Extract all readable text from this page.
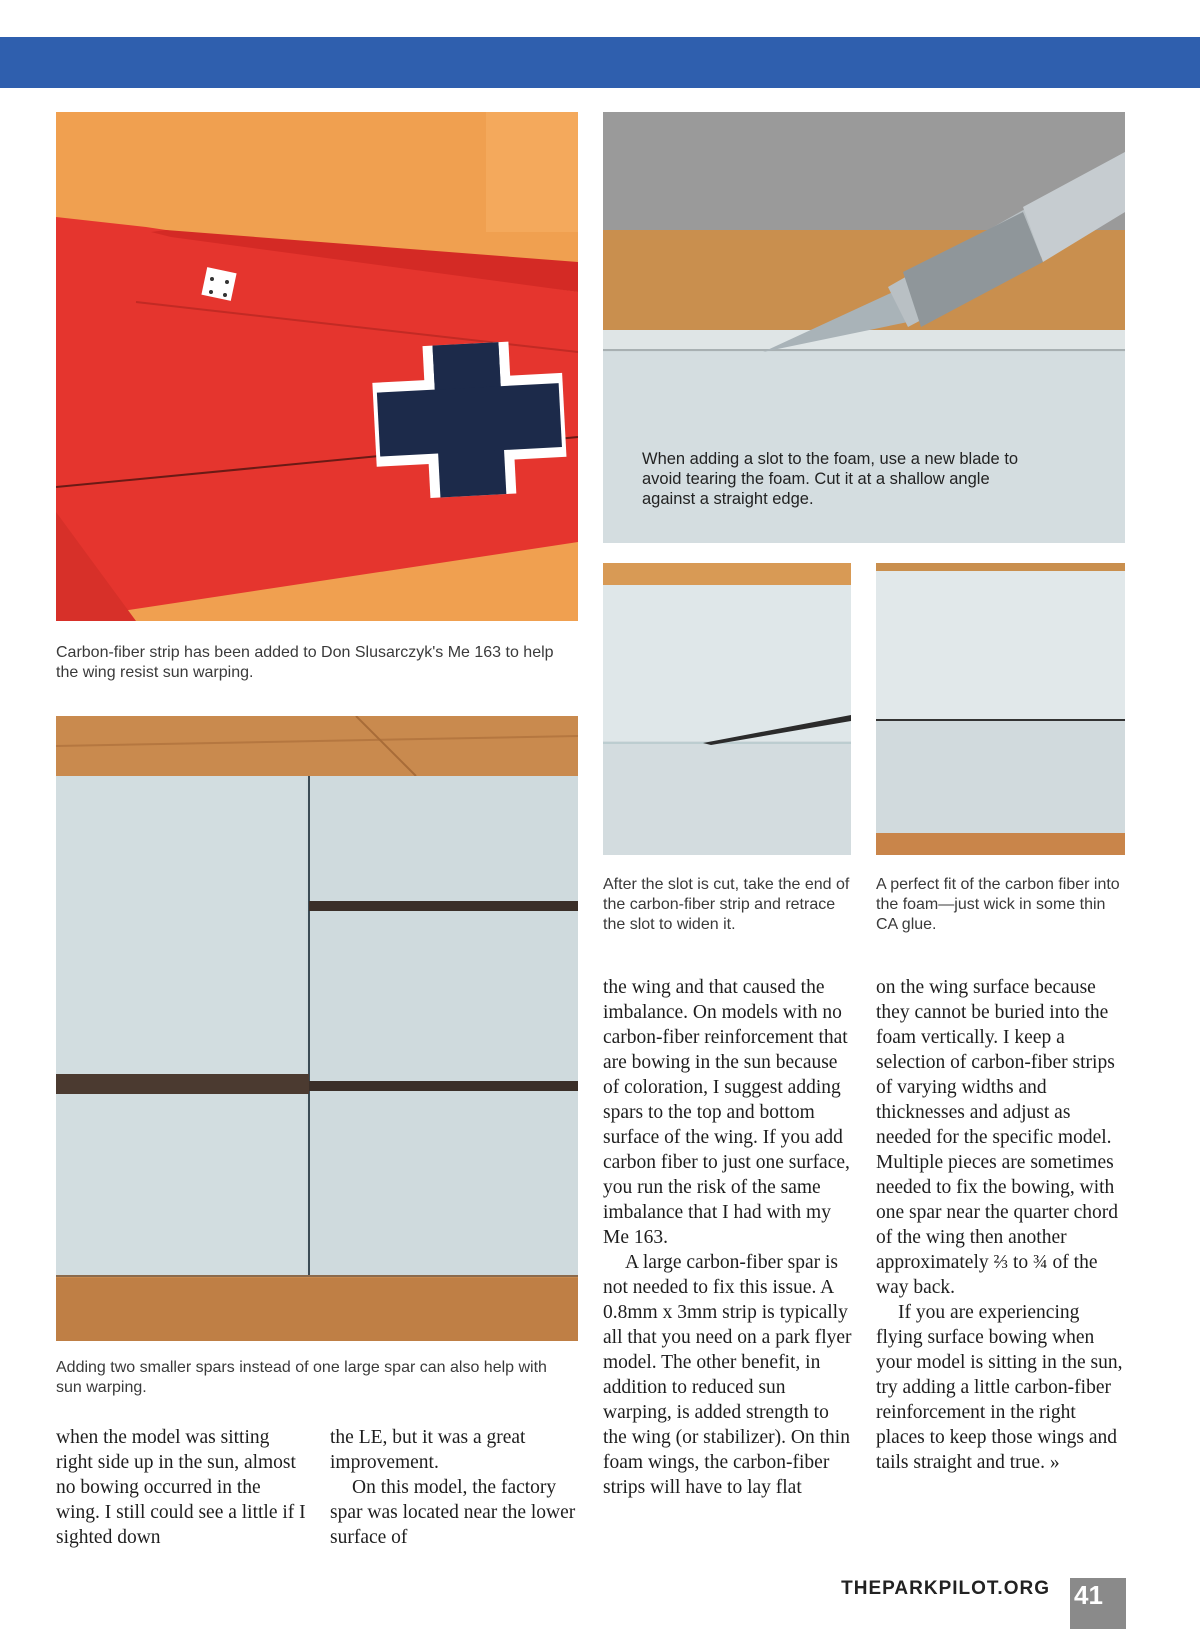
When adding a slot to the foam, use a new blade to avoid tearing the foam. Cut it at a shallow angle against a straight edge.

Carbon-fiber strip has been added to Don Slusarczyk's Me 163 to help the wing resist sun warping.

After the slot is cut, take the end of the carbon-fiber strip and retrace the slot to widen it.

A perfect fit of the carbon fiber into the foam—just wick in some thin CA glue.

Adding two smaller spars instead of one large spar can also help with sun warping.

when the model was sitting right side up in the sun, almost no bowing occurred in the wing. I still could see a little if I sighted down

the LE, but it was a great improvement.

On this model, the factory spar was located near the lower surface of

the wing and that caused the imbalance. On models with no carbon-fiber reinforcement that are bowing in the sun because of coloration, I suggest adding spars to the top and bottom surface of the wing. If you add carbon fiber to just one surface, you run the risk of the same imbalance that I had with my Me 163.

A large carbon-fiber spar is not needed to fix this issue. A 0.8mm x 3mm strip is typically all that you need on a park flyer model. The other benefit, in addition to reduced sun warping, is added strength to the wing (or stabilizer). On thin foam wings, the carbon-fiber strips will have to lay flat

on the wing surface because they cannot be buried into the foam vertically. I keep a selection of carbon-fiber strips of varying widths and thicknesses and adjust as needed for the specific model. Multiple pieces are sometimes needed to fix the bowing, with one spar near the quarter chord of the wing then another approximately ⅔ to ¾ of the way back.

If you are experiencing flying surface bowing when your model is sitting in the sun, try adding a little carbon-fiber reinforcement in the right places to keep those wings and tails straight and true. »

THEPARKPILOT.ORG 41
